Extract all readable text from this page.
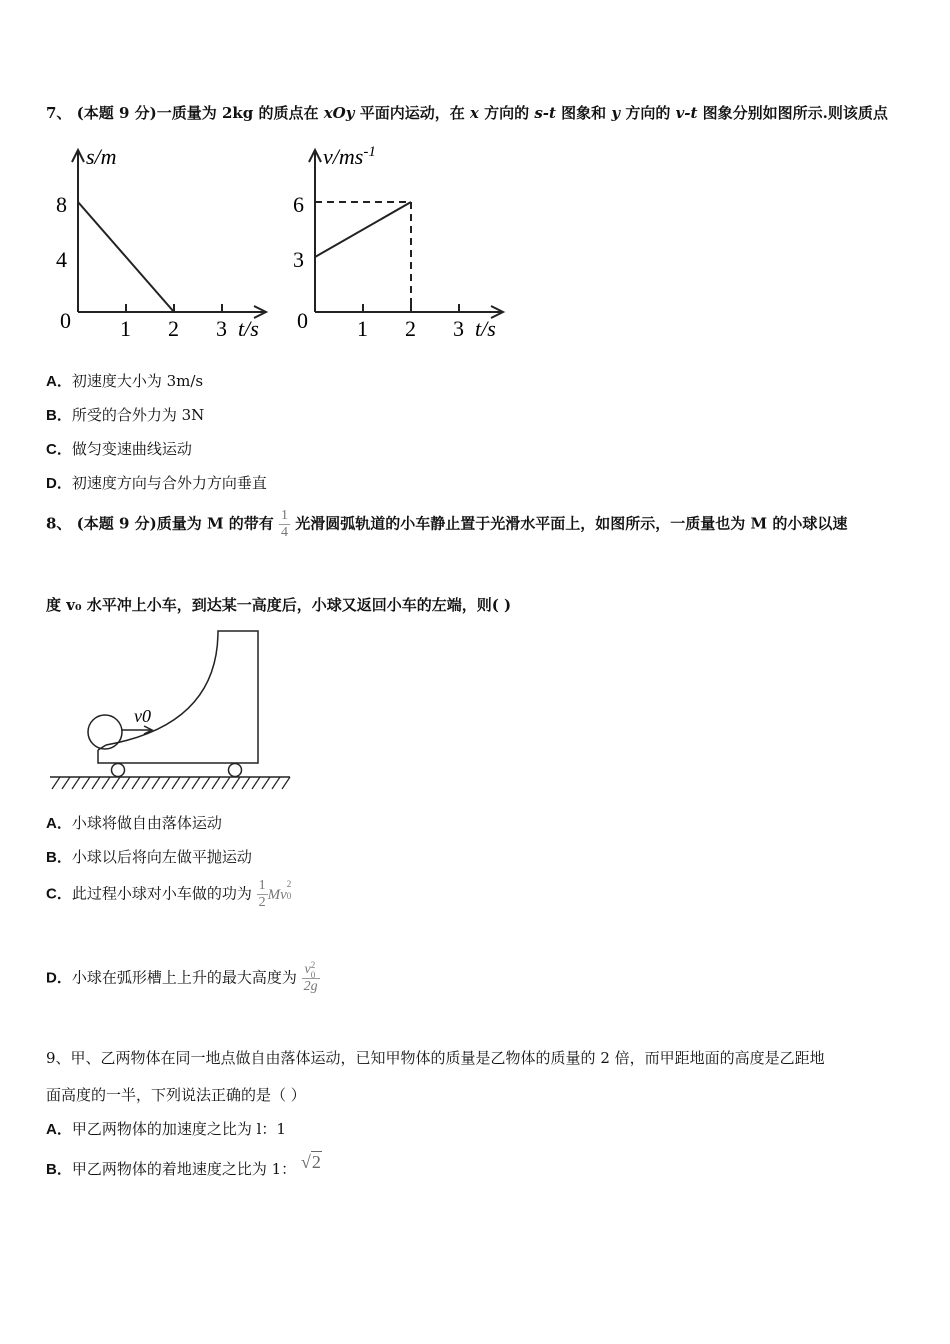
7、 (本题 9 分)一质量为 2kg 的质点在 xOy 平面内运动，在 x 方向的 s-t 图象和 y 方向的 v-t 图象分别如图所示.则该质点
s/m
8
4
0 1 2 3 t/s
$v/ms^{-1}$
6
3
0 1 2 3 t/s
A．初速度大小为 3m/s
B．所受的合外力为 3N
C．做匀变速曲线运动
D．初速度方向与合外力方向垂直
8、 (本题 9 分)质量为 M 的带有 $\frac{1}{4}$ 光滑圆弧轨道的小车静止置于光滑水平面上，如图所示，一质量也为 M 的小球以速
度 v₀ 水平冲上小车，到达某一高度后，小球又返回小车的左端，则( )
v0
A．小球将做自由落体运动
B．小球以后将向左做平抛运动
C．此过程小球对小车做的功为 $\frac{1}{2}$ Mv
2
0
D．小球在弧形槽上上升的最大高度为 v 2
0
2g
9、甲、乙两物体在同一地点做自由落体运动，已知甲物体的质量是乙物体的质量的 2 倍，而甲距地面的高度是乙距地
面高度的一半，下列说法正确的是（ ）
A．甲乙两物体的加速度之比为 l：1
B．甲乙两物体的着地速度之比为 1： √2
